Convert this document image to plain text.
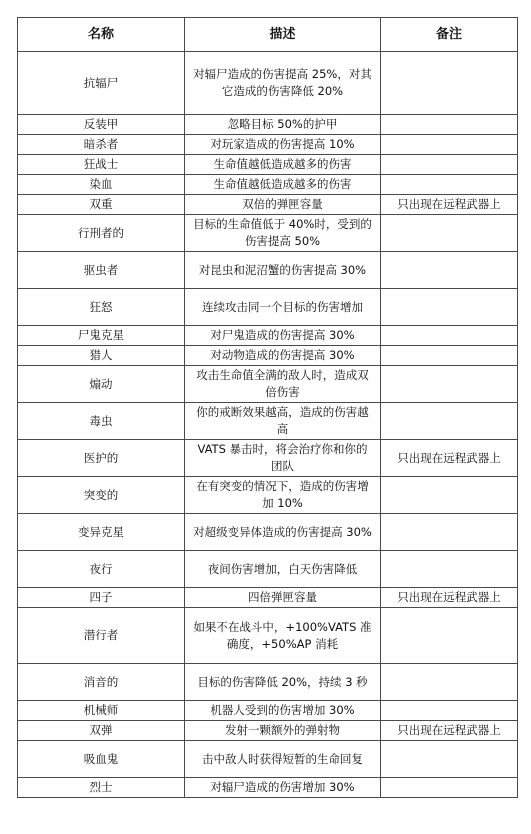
名称	描述	备注
抗辐尸	对辐尸造成的伤害提高 25%，对其它造成的伤害降低 20%	
反装甲	忽略目标 50%的护甲	
暗杀者	对玩家造成的伤害提高 10%	
狂战士	生命值越低造成越多的伤害	
染血	生命值越低造成越多的伤害	
双重	双倍的弹匣容量	只出现在远程武器上
行刑者的	目标的生命值低于 40%时，受到的伤害提高 50%	
驱虫者	对昆虫和泥沼蟹的伤害提高 30%	
狂怒	连续攻击同一个目标的伤害增加	
尸鬼克星	对尸鬼造成的伤害提高 30%	
猎人	对动物造成的伤害提高 30%	
煽动	攻击生命值全满的敌人时，造成双倍伤害	
毒虫	你的戒断效果越高，造成的伤害越高	
医护的	VATS 暴击时，将会治疗你和你的团队	只出现在远程武器上
突变的	在有突变的情况下，造成的伤害增加 10%	
变异克星	对超级变异体造成的伤害提高 30%	
夜行	夜间伤害增加，白天伤害降低	
四子	四倍弹匣容量	只出现在远程武器上
潜行者	如果不在战斗中，+100%VATS 准确度，+50%AP 消耗	
消音的	目标的伤害降低 20%，持续 3 秒	
机械师	机器人受到的伤害增加 30%	
双弹	发射一颗额外的弹射物	只出现在远程武器上
吸血鬼	击中敌人时获得短暂的生命回复	
烈士	对辐尸造成的伤害增加 30%	
